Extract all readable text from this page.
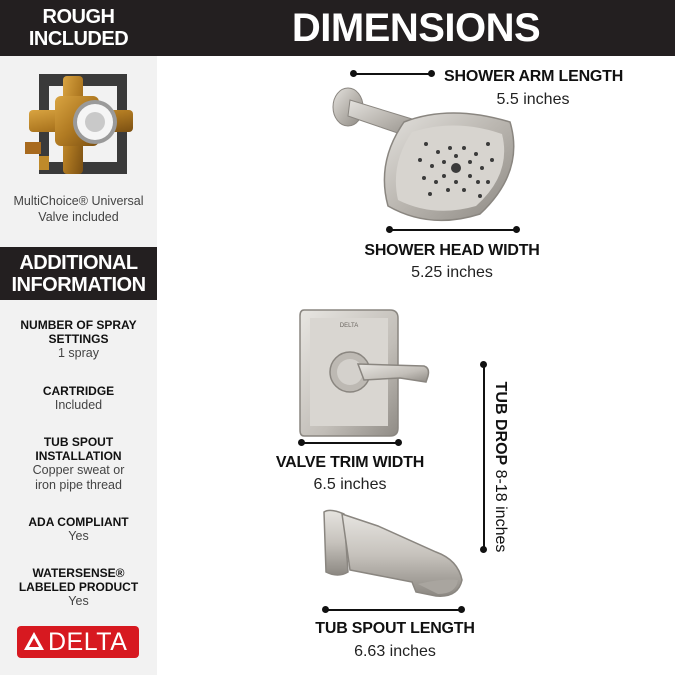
ROUGH
INCLUDED
MultiChoice® Universal
Valve included
ADDITIONAL
INFORMATION
NUMBER OF SPRAY
SETTINGS
1 spray
CARTRIDGE
Included
TUB SPOUT
INSTALLATION
Copper sweat or
iron pipe thread
ADA COMPLIANT
Yes
WATERSENSE®
LABELED PRODUCT
Yes
DELTA
DIMENSIONS
SHOWER ARM LENGTH
5.5 inches
SHOWER HEAD WIDTH
5.25 inches
DELTA
VALVE TRIM WIDTH
6.5 inches
TUB DROP 8-18 inches
TUB SPOUT LENGTH
6.63 inches
